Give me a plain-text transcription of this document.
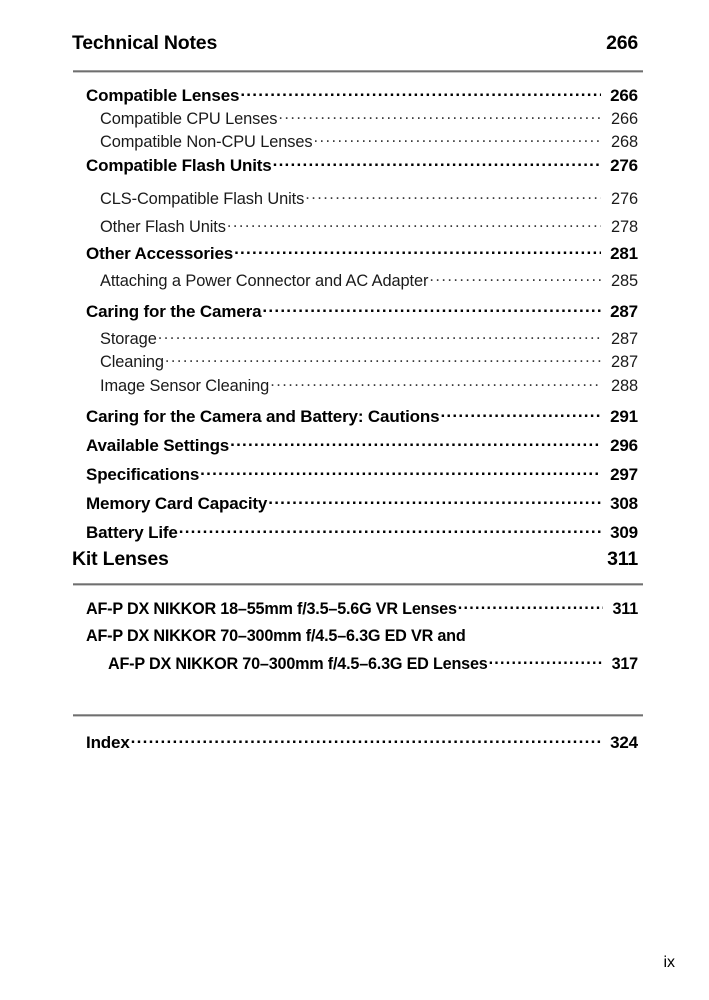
Technical Notes	266
Compatible Lenses .....	266
Compatible CPU Lenses .....	266
Compatible Non-CPU Lenses .....	268
Compatible Flash Units .....	276
CLS-Compatible Flash Units .....	276
Other Flash Units .....	278
Other Accessories .....	281
Attaching a Power Connector and AC Adapter .....	285
Caring for the Camera .....	287
Storage .....	287
Cleaning .....	287
Image Sensor Cleaning .....	288
Caring for the Camera and Battery: Cautions .....	291
Available Settings .....	296
Specifications .....	297
Memory Card Capacity .....	308
Battery Life .....	309
Kit Lenses	311
AF-P DX NIKKOR 18–55mm f/3.5–5.6G VR Lenses .....	311
AF-P DX NIKKOR 70–300mm f/4.5–6.3G ED VR and
AF-P DX NIKKOR 70–300mm f/4.5–6.3G ED Lenses .....	317
Index .....	324
ix
